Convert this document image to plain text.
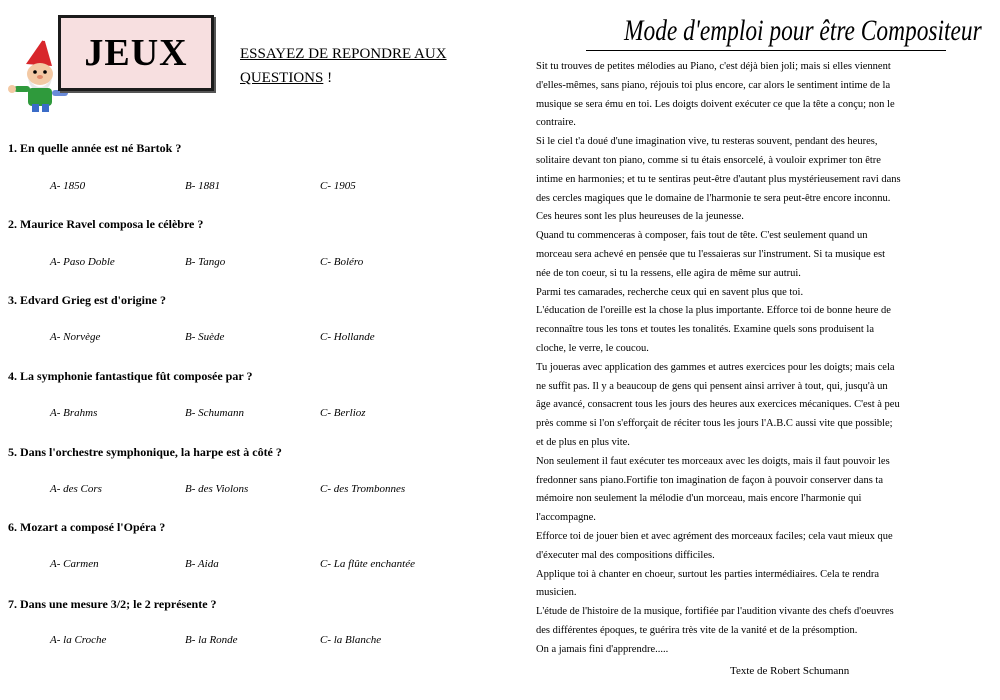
JEUX	ESSAYEZ DE REPONDRE AUX
QUESTIONS !
1. En quelle année est né Bartok ?
A- 1850	B- 1881	C- 1905
2. Maurice Ravel composa le célèbre ?
A- Paso Doble	B- Tango	C- Boléro
3. Edvard Grieg est d'origine ?
A- Norvège	B- Suède	C- Hollande
4. La symphonie fantastique fût composée par ?
A- Brahms	B- Schumann	C- Berlioz
5. Dans l'orchestre symphonique, la harpe est à côté ?
A- des Cors	B- des Violons	C- des Trombonnes
6. Mozart a composé l'Opéra ?
A- Carmen	B- Aida	C- La flûte enchantée
7. Dans une mesure 3/2; le 2 représente ?
A- la Croche	B- la Ronde	C- la Blanche
Mode d'emploi pour être Compositeur
Sit tu trouves de petites mélodies au Piano, c'est déjà bien joli; mais si elles viennent
d'elles-mêmes, sans piano, réjouis toi plus encore, car alors le sentiment intime de la
musique se sera ému en toi. Les doigts doivent exécuter ce que la tête a conçu; non le
contraire.
Si le ciel t'a doué d'une imagination vive, tu resteras souvent, pendant des heures,
solitaire devant ton piano, comme si tu étais ensorcelé, à vouloir exprimer ton être
intime en harmonies; et tu te sentiras peut-être d'autant plus mystérieusement ravi dans
des cercles magiques que le domaine de l'harmonie te sera peut-être encore inconnu.
Ces heures sont les plus heureuses de la jeunesse.
Quand tu commenceras à composer, fais tout de tête. C'est seulement quand un
morceau sera achevé en pensée que tu l'essaieras sur l'instrument. Si ta musique est
née de ton coeur, si tu la ressens, elle agira de même sur autrui.
Parmi tes camarades, recherche ceux qui en savent plus que toi.
L'éducation de l'oreille est la chose la plus importante. Efforce toi de bonne heure de
reconnaître tous les tons et toutes les tonalités. Examine quels sons produisent la
cloche, le verre, le coucou.
Tu joueras avec application des gammes et autres exercices pour les doigts; mais cela
ne suffit pas. Il y a beaucoup de gens qui pensent ainsi arriver à tout, qui, jusqu'à un
âge avancé, consacrent tous les jours des heures aux exercices mécaniques. C'est à peu
près comme si l'on s'efforçait de réciter tous les jours l'A.B.C aussi vite que possible;
et de plus en plus vite.
Non seulement il faut exécuter tes morceaux avec les doigts, mais il faut pouvoir les
fredonner sans piano.Fortifie ton imagination de façon à pouvoir conserver dans ta
mémoire non seulement la mélodie d'un morceau, mais encore l'harmonie qui
l'accompagne.
Efforce toi de jouer bien et avec agrément des morceaux faciles; cela vaut mieux que
d'éxecuter mal des compositions difficiles.
Applique toi à chanter en choeur, surtout les parties intermédiaires. Cela te rendra
musicien.
L'étude de l'histoire de la musique, fortifiée par l'audition vivante des chefs d'oeuvres
des différentes époques, te guérira très vite de la vanité et de la présomption.
On a jamais fini d'apprendre.....
Texte de Robert Schumann
